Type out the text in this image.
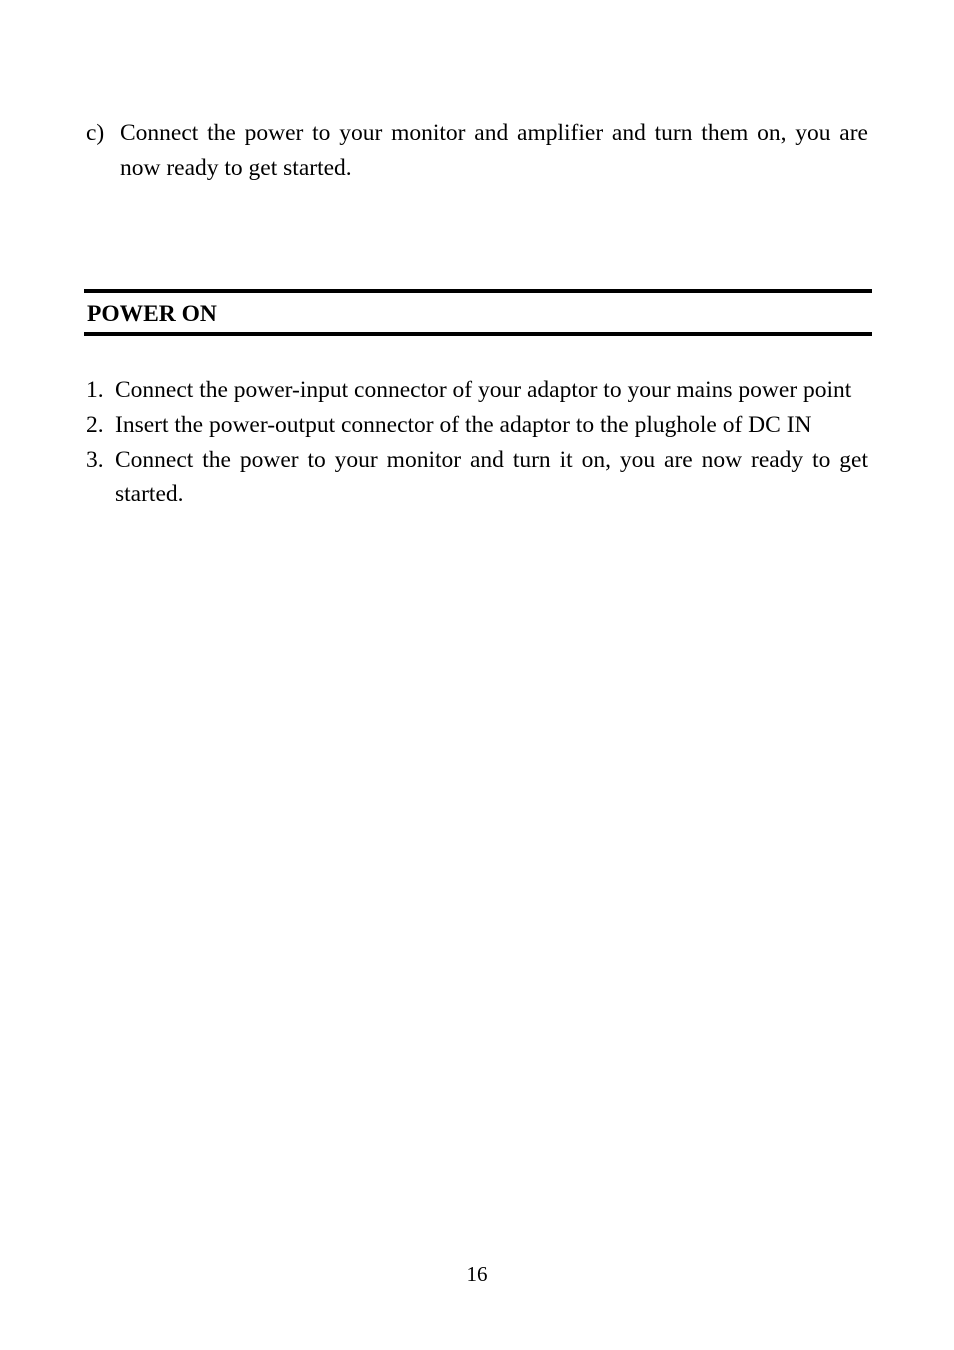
c) Connect the power to your monitor and amplifier and turn them on, you are now ready to get started.
POWER ON
1. Connect the power-input connector of your adaptor to your mains power point
2. Insert the power-output connector of the adaptor to the plughole of DC IN
3. Connect the power to your monitor and turn it on, you are now ready to get started.
16
